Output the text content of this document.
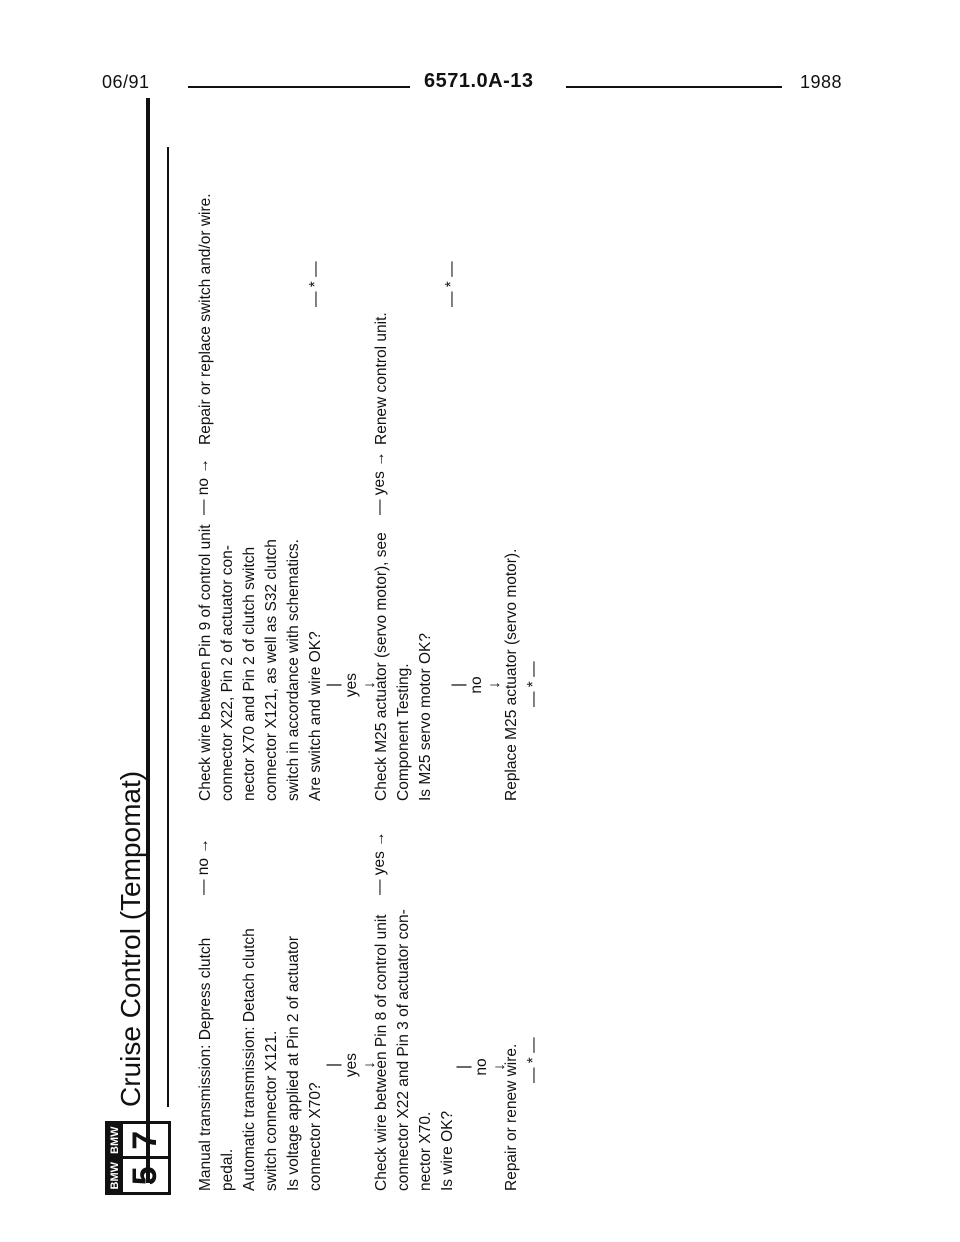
06/91	6571.0A-13	1988
BMW 5
BMW 7
Cruise Control (Tempomat)

Manual transmission: Depress clutch
pedal.
Automatic transmission: Detach clutch
switch connector X121.
Is voltage applied at Pin 2 of actuator
connector X70?

— no →

|
yes
↓

Check wire between Pin 9 of control unit
connector X22, Pin 2 of actuator con-
nector X70 and Pin 2 of clutch switch
connector X121, as well as S32 clutch
switch in accordance with schematics.
Are switch and wire OK?

— no →
Repair or replace switch and/or wire.	— * —

|
yes
↓

Check wire between Pin 8 of control unit
connector X22 and Pin 3 of actuator con-
nector X70.
Is wire OK?

— yes →

|
no
↓

Repair or renew wire. — * —

Check M25 actuator (servo motor), see
Component Testing.
Is M25 servo motor OK?

— yes →
Renew control unit.
— * —

|
no
↓ Replace M25 actuator (servo motor). — * —
